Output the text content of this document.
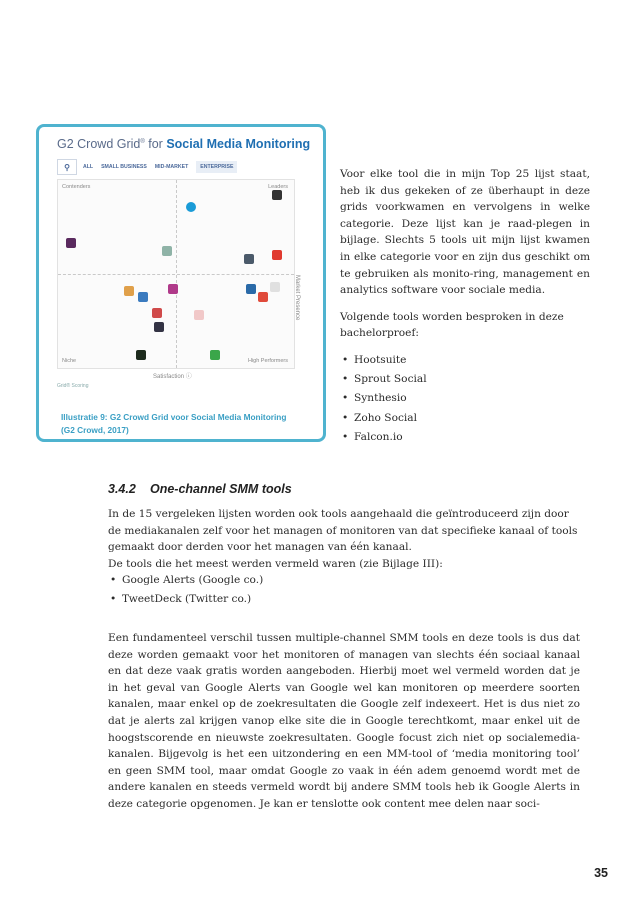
G2 Crowd Grid® for Social Media Monitoring
⚲	ALL SMALL BUSINESS MID-MARKET	ENTERPRISE
Contenders	Leaders
Niche	High Performers
Market Presence
Satisfaction ⓘ
Grid® Scoring
Illustratie 9: G2 Crowd Grid voor Social Media Monitoring
(G2 Crowd, 2017)

Voor elke tool die in mijn Top 25 lijst staat, heb ik dus gekeken of ze überhaupt in deze grids voorkwamen en vervolgens in welke categorie. Deze lijst kan je raad-plegen in bijlage. Slechts 5 tools uit mijn lijst kwamen in elke categorie voor en zijn dus geschikt om te gebruiken als monito-ring, management en analytics software voor sociale media.

Volgende tools worden besproken in deze bachelorproef:

• Hootsuite
• Sprout Social
• Synthesio
• Zoho Social
• Falcon.io
3.4.2 One-channel SMM tools

In de 15 vergeleken lijsten worden ook tools aangehaald die geïntroduceerd zijn door de mediakanalen zelf voor het managen of monitoren van dat specifieke kanaal of tools gemaakt door derden voor het managen van één kanaal.

De tools die het meest werden vermeld waren (zie Bijlage III):

• Google Alerts (Google co.)
• TweetDeck (Twitter co.)

Een fundamenteel verschil tussen multiple-channel SMM tools en deze tools is dus dat deze worden gemaakt voor het monitoren of managen van slechts één sociaal kanaal en dat deze vaak gratis worden aangeboden. Hierbij moet wel vermeld worden dat je in het geval van Google Alerts van Google wel kan monitoren op meerdere soorten kanalen, maar enkel op de zoekresultaten die Google zelf indexeert. Het is dus niet zo dat je alerts zal krijgen vanop elke site die in Google terechtkomt, maar enkel uit de hoogstscorende en nieuwste zoekresultaten. Google focust zich niet op socialemedia-kanalen. Bijgevolg is het een uitzondering en een MM-tool of ‘media monitoring tool’ en geen SMM tool, maar omdat Google zo vaak in één adem genoemd wordt met de andere kanalen en steeds vermeld wordt bij andere SMM tools heb ik Google Alerts in deze categorie opgenomen. Je kan er tenslotte ook content mee delen naar soci-

35
